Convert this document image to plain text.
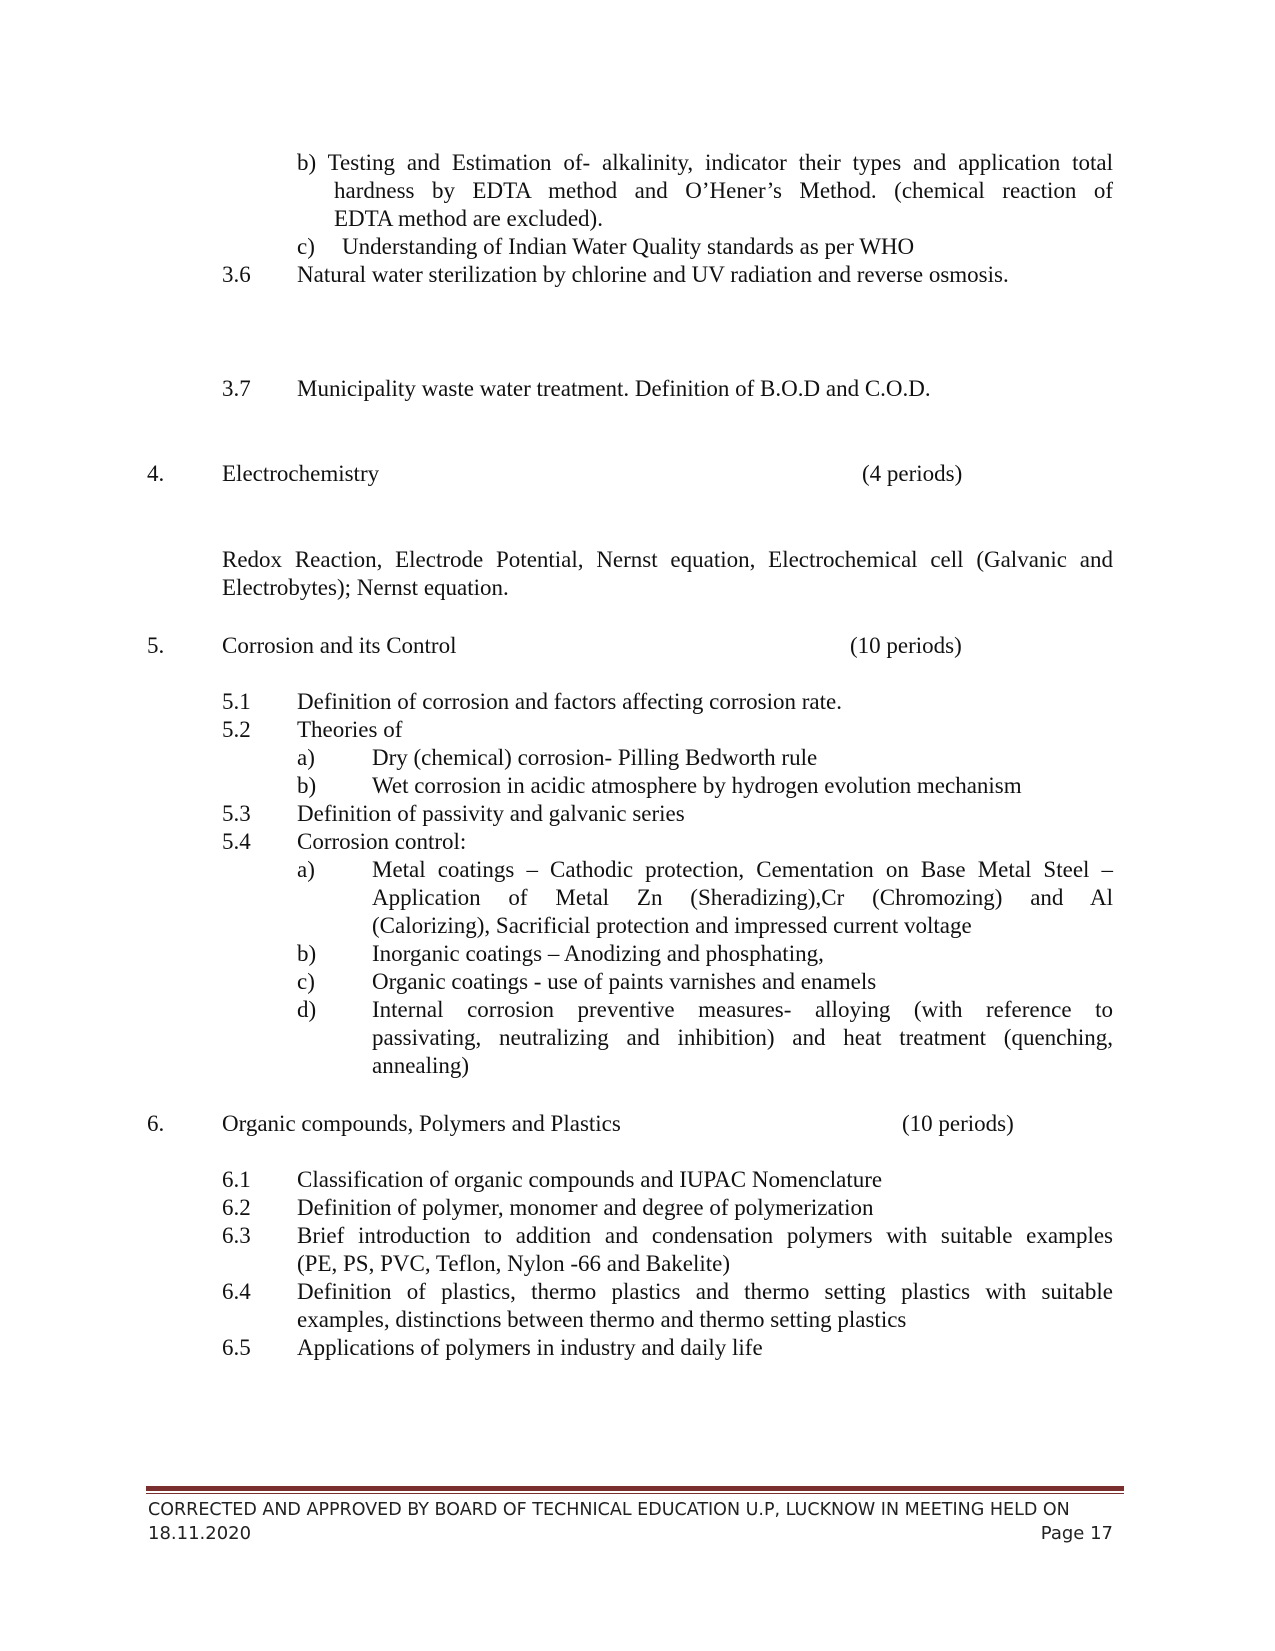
b) Testing and Estimation of- alkalinity, indicator their types and application total
hardness by EDTA method and O’Hener’s Method. (chemical reaction of
EDTA method are excluded).
c) Understanding of Indian Water Quality standards as per WHO
3.6 Natural water sterilization by chlorine and UV radiation and reverse osmosis.
3.7 Municipality waste water treatment. Definition of B.O.D and C.O.D.
4.	Electrochemistry	(4 periods)
Redox Reaction, Electrode Potential, Nernst equation, Electrochemical cell (Galvanic and
Electrobytes); Nernst equation.
5.	Corrosion and its Control	(10 periods)
5.1 Definition of corrosion and factors affecting corrosion rate.
5.2 Theories of
a) Dry (chemical) corrosion- Pilling Bedworth rule
b) Wet corrosion in acidic atmosphere by hydrogen evolution mechanism
5.3 Definition of passivity and galvanic series
5.4 Corrosion control:
a) Metal coatings – Cathodic protection, Cementation on Base Metal Steel –
Application of Metal Zn (Sheradizing),Cr (Chromozing) and Al
(Calorizing), Sacrificial protection and impressed current voltage
b) Inorganic coatings – Anodizing and phosphating,
c) Organic coatings - use of paints varnishes and enamels
d) Internal corrosion preventive measures- alloying (with reference to
passivating, neutralizing and inhibition) and heat treatment (quenching,
annealing)
6.	Organic compounds, Polymers and Plastics	(10 periods)
6.1 Classification of organic compounds and IUPAC Nomenclature
6.2 Definition of polymer, monomer and degree of polymerization
6.3 Brief introduction to addition and condensation polymers with suitable examples
(PE, PS, PVC, Teflon, Nylon -66 and Bakelite)
6.4 Definition of plastics, thermo plastics and thermo setting plastics with suitable
examples, distinctions between thermo and thermo setting plastics
6.5 Applications of polymers in industry and daily life
CORRECTED AND APPROVED BY BOARD OF TECHNICAL EDUCATION U.P, LUCKNOW IN MEETING HELD ON
18.11.2020	Page 17
